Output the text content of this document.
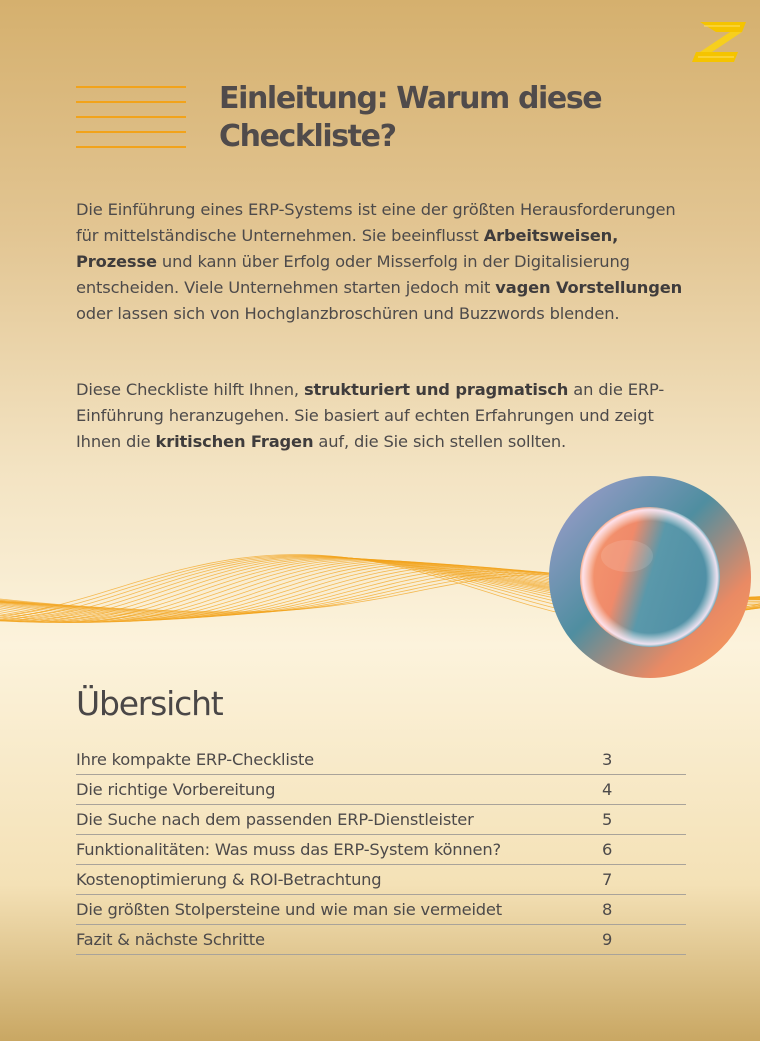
Einleitung: Warum diese
Checkliste?

Die Einführung eines ERP-Systems ist eine der größten Herausforderungen für mittelständische Unternehmen. Sie beeinflusst Arbeitsweisen, Prozesse und kann über Erfolg oder Misserfolg in der Digitalisierung entscheiden. Viele Unternehmen starten jedoch mit vagen Vorstellungen oder lassen sich von Hochglanzbroschüren und Buzzwords blenden.

Diese Checkliste hilft Ihnen, strukturiert und pragmatisch an die ERP-Einführung heranzugehen. Sie basiert auf echten Erfahrungen und zeigt Ihnen die kritischen Fragen auf, die Sie sich stellen sollten.

Übersicht
Ihre kompakte ERP-Checkliste	3
Die richtige Vorbereitung	4
Die Suche nach dem passenden ERP-Dienstleister	5
Funktionalitäten: Was muss das ERP-System können?	6
Kostenoptimierung & ROI-Betrachtung	7
Die größten Stolpersteine und wie man sie vermeidet	8
Fazit & nächste Schritte	9
